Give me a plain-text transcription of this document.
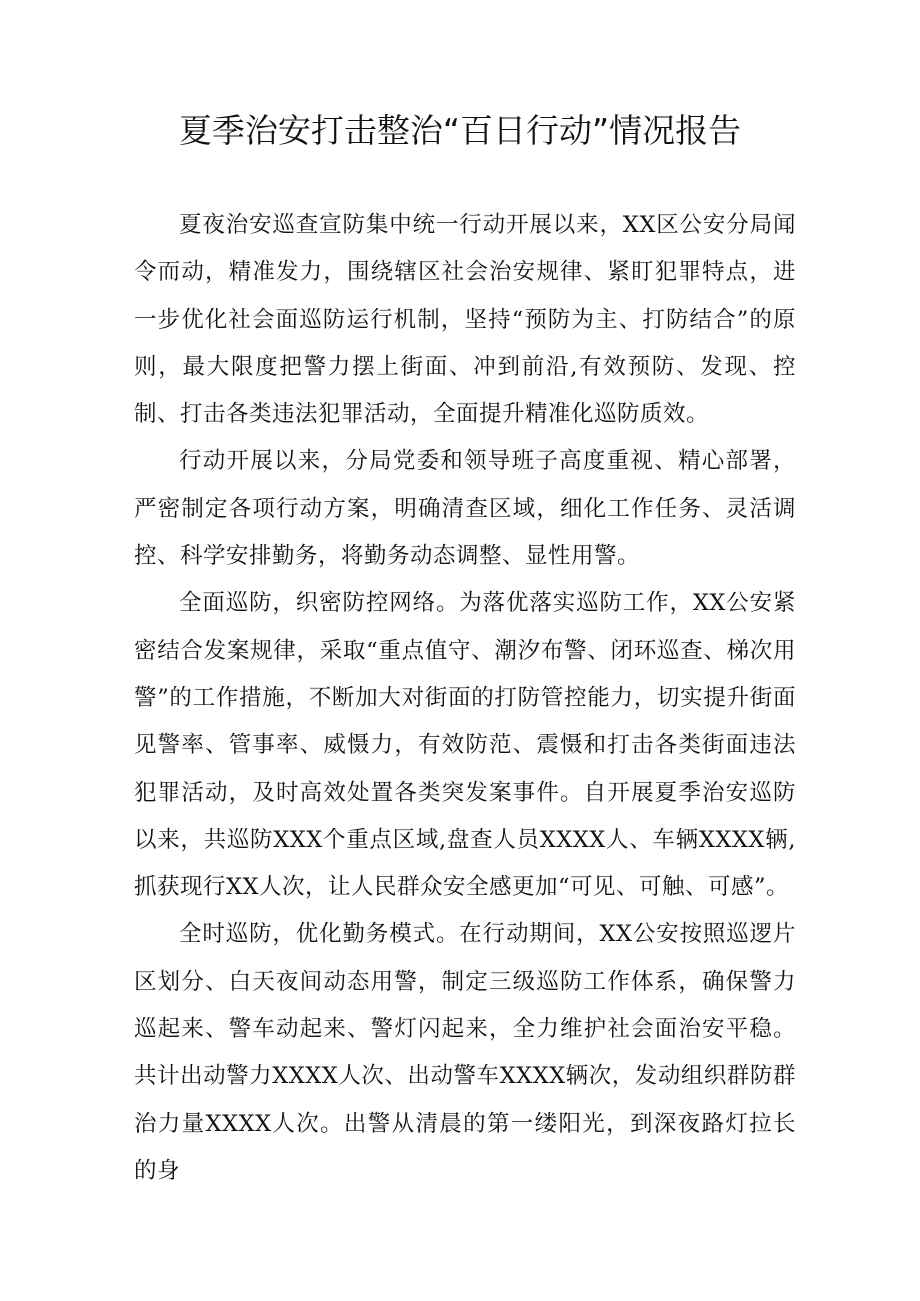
夏季治安打击整治“百日行动”情况报告

夏夜治安巡查宣防集中统一行动开展以来，XX区公安分局闻令而动，精准发力，围绕辖区社会治安规律、紧盯犯罪特点，进一步优化社会面巡防运行机制，坚持“预防为主、打防结合”的原则，最大限度把警力摆上街面、冲到前沿,有效预防、发现、控制、打击各类违法犯罪活动，全面提升精准化巡防质效。

行动开展以来，分局党委和领导班子高度重视、精心部署，严密制定各项行动方案，明确清查区域，细化工作任务、灵活调控、科学安排勤务，将勤务动态调整、显性用警。

全面巡防，织密防控网络。为落优落实巡防工作，XX公安紧密结合发案规律，采取“重点值守、潮汐布警、闭环巡查、梯次用警”的工作措施，不断加大对街面的打防管控能力，切实提升街面见警率、管事率、威慑力，有效防范、震慑和打击各类街面违法犯罪活动，及时高效处置各类突发案事件。自开展夏季治安巡防以来，共巡防XXX个重点区域,盘查人员XXXX人、车辆XXXX辆,抓获现行XX人次，让人民群众安全感更加“可见、可触、可感”。

全时巡防，优化勤务模式。在行动期间，XX公安按照巡逻片区划分、白天夜间动态用警，制定三级巡防工作体系，确保警力巡起来、警车动起来、警灯闪起来，全力维护社会面治安平稳。共计出动警力XXXX人次、出动警车XXXX辆次，发动组织群防群治力量XXXX人次。出警从清晨的第一缕阳光，到深夜路灯拉长的身
